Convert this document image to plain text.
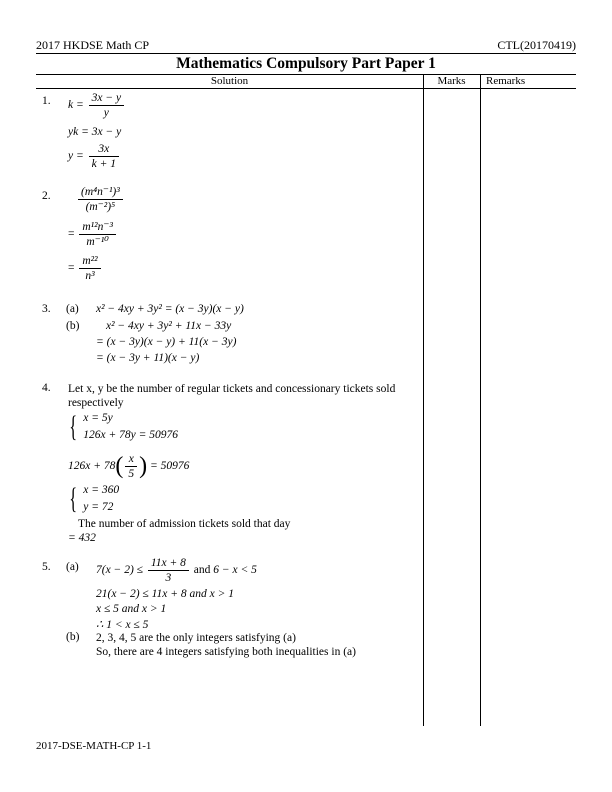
2017 HKDSE Math CP	CTL(20170419)
Mathematics Compulsory Part Paper 1
Solution	Marks	Remarks
1. $k = \frac{3x - y}{y}$
yk = 3x − y
$y = \frac{3x}{k + 1}$
2. $\frac{\text{(m⁴n⁻¹)³}}{\text{(m⁻²)⁵}}$
= $\frac{\text{m¹²n⁻³}}{\text{m⁻¹⁰}}$
= $\frac{\text{m²²}}{\text{n³}}$
3. (a) x² − 4xy + 3y² = (x − 3y)(x − y)
(b) x² − 4xy + 3y² + 11x − 33y
= (x − 3y)(x − y) + 11(x − 3y)
= (x − 3y + 11)(x − y)
4. Let x, y be the number of regular tickets and concessionary tickets sold
respectively
{ x = 5y
126x + 78y = 50976
$126x + 78( \frac{x}{5}$ ) = 50976
{ x = 360
y = 72
The number of admission tickets sold that day
= 432
5. (a) $7(x - 2) \le \frac{11x + 8}{3}$ and 6 − x < 5
21(x − 2) ≤ 11x + 8 and x > 1
x ≤ 5 and x > 1
∴ 1 < x ≤ 5
(b) 2, 3, 4, 5 are the only integers satisfying (a)
So, there are 4 integers satisfying both inequalities in (a)
2017-DSE-MATH-CP 1-1
